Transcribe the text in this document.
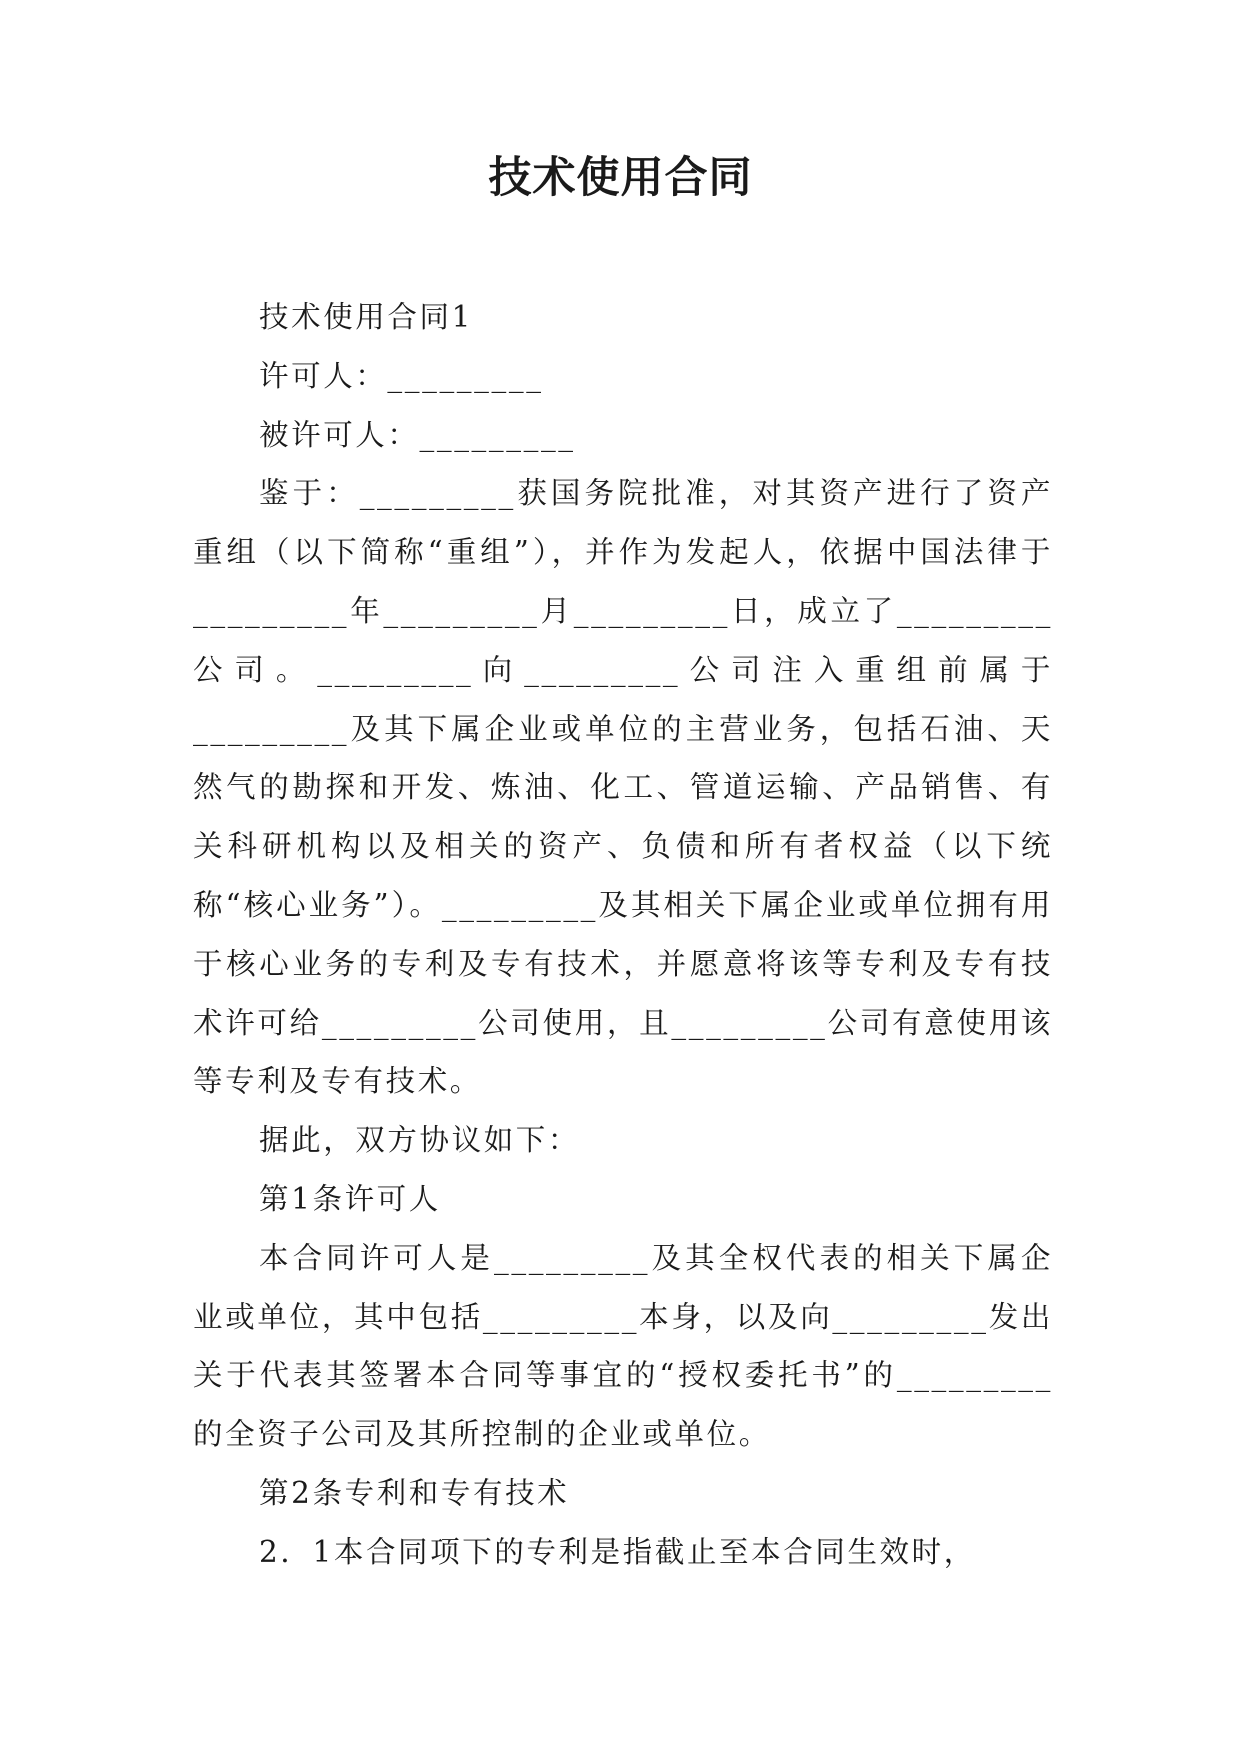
技术使用合同

技术使用合同1

许可人：_________

被许可人：_________

鉴于：_________获国务院批准，对其资产进行了资产重组（以下简称“重组”），并作为发起人，依据中国法律于_________年_________月_________日，成立了_________公司。_________向_________公司注入重组前属于_________及其下属企业或单位的主营业务，包括石油、天然气的勘探和开发、炼油、化工、管道运输、产品销售、有关科研机构以及相关的资产、负债和所有者权益（以下统称“核心业务”）。_________及其相关下属企业或单位拥有用于核心业务的专利及专有技术，并愿意将该等专利及专有技术许可给_________公司使用，且_________公司有意使用该等专利及专有技术。

据此，双方协议如下：

第1条许可人

本合同许可人是_________及其全权代表的相关下属企业或单位，其中包括_________本身，以及向_________发出关于代表其签署本合同等事宜的“授权委托书”的_________的全资子公司及其所控制的企业或单位。

第2条专利和专有技术

2．1本合同项下的专利是指截止至本合同生效时，
